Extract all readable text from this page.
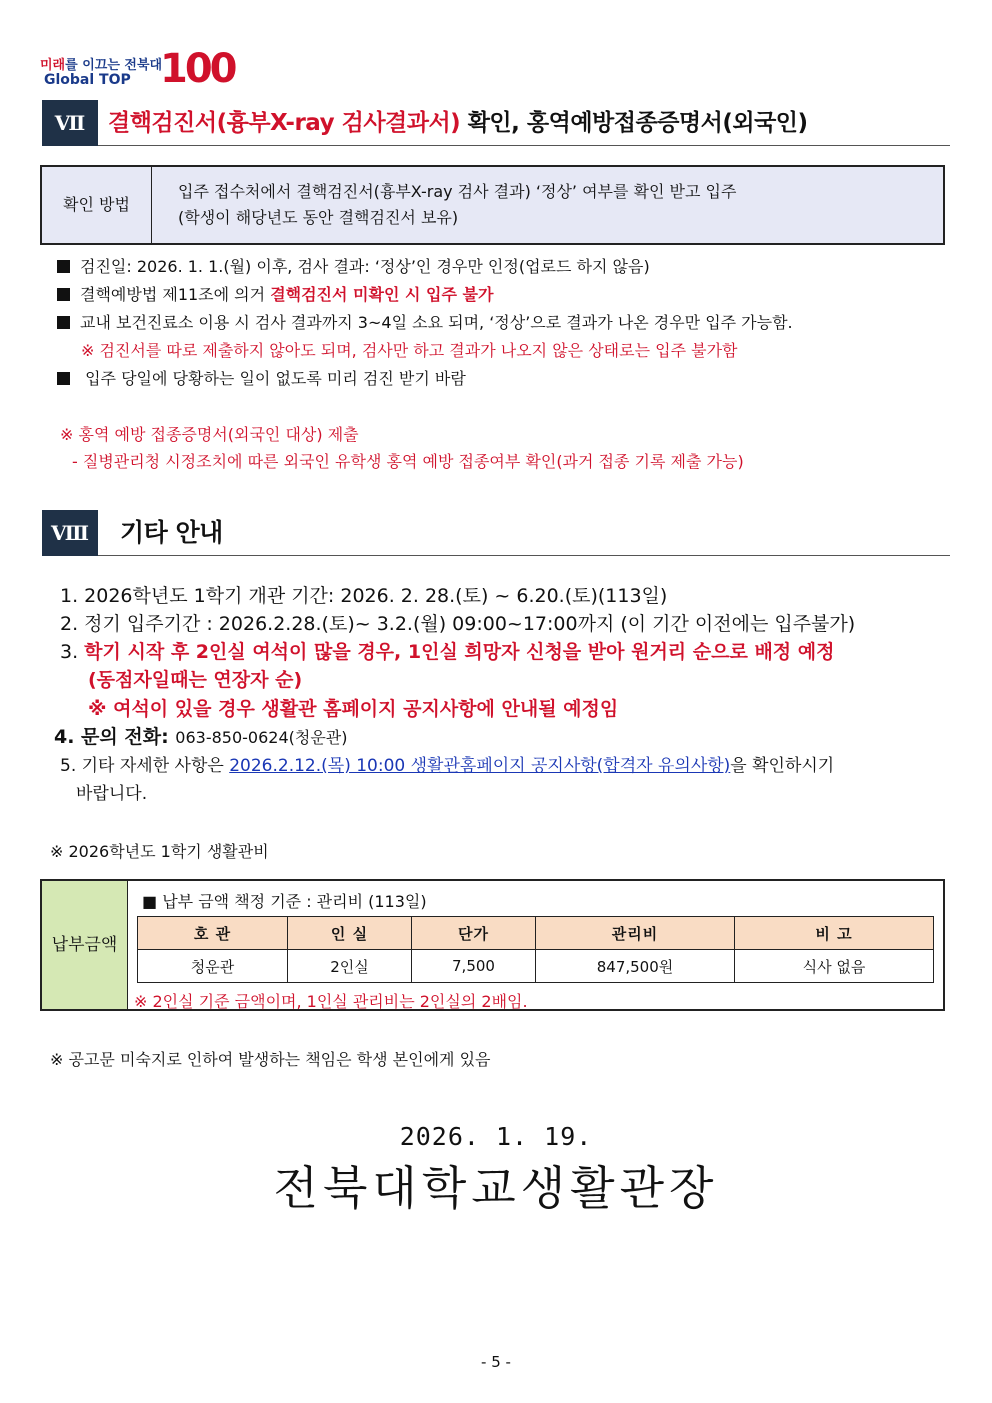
미래를 이끄는 전북대
Global TOP 100
Ⅶ 결핵검진서(흉부X-ray 검사결과서) 확인, 홍역예방접종증명서(외국인)
확인 방법
입주 접수처에서 결핵검진서(흉부X-ray 검사 결과) ‘정상’ 여부를 확인 받고 입주
(학생이 해당년도 동안 결핵검진서 보유)
검진일: 2026. 1. 1.(월) 이후, 검사 결과: ‘정상’인 경우만 인정(업로드 하지 않음)
결핵예방법 제11조에 의거 결핵검진서 미확인 시 입주 불가
교내 보건진료소 이용 시 검사 결과까지 3~4일 소요 되며, ‘정상’으로 결과가 나온 경우만 입주 가능함.
※ 검진서를 따로 제출하지 않아도 되며, 검사만 하고 결과가 나오지 않은 상태로는 입주 불가함
입주 당일에 당황하는 일이 없도록 미리 검진 받기 바람
※ 홍역 예방 접종증명서(외국인 대상) 제출
- 질병관리청 시정조치에 따른 외국인 유학생 홍역 예방 접종여부 확인(과거 접종 기록 제출 가능)
Ⅷ	기타 안내
1. 2026학년도 1학기 개관 기간: 2026. 2. 28.(토) ~ 6.20.(토)(113일)
2. 정기 입주기간 : 2026.2.28.(토)~ 3.2.(월) 09:00~17:00까지 (이 기간 이전에는 입주불가)
3. 학기 시작 후 2인실 여석이 많을 경우, 1인실 희망자 신청을 받아 원거리 순으로 배정 예정
(동점자일때는 연장자 순)
※ 여석이 있을 경우 생활관 홈페이지 공지사항에 안내될 예정임
4. 문의 전화: 063-850-0624(청운관)
5. 기타 자세한 사항은 2026.2.12.(목) 10:00 생활관홈페이지 공지사항(합격자 유의사항)을 확인하시기
바랍니다.
※ 2026학년도 1학기 생활관비
납부금액
■ 납부 금액 책정 기준 : 관리비 (113일)
※ 2인실 기준 금액이며, 1인실 관리비는 2인실의 2배임.
호 관	인 실	단가	관리비	비 고
청운관	2인실	7,500	847,500원	식사 없음
※ 공고문 미숙지로 인하여 발생하는 책임은 학생 본인에게 있음
2026. 1. 19.
전북대학교생활관장
- 5 -
